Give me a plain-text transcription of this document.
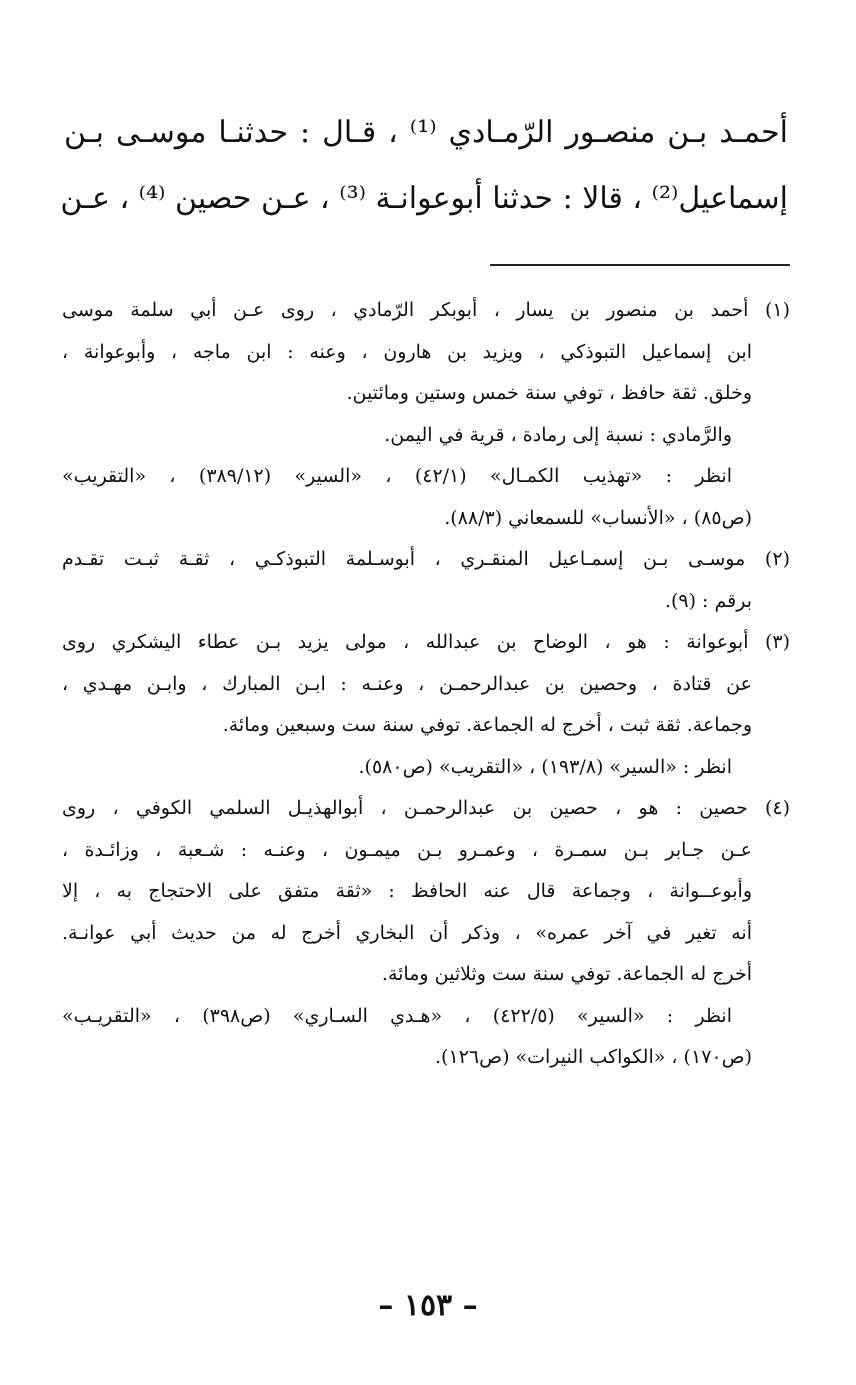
أحمـد بـن منصـور الرّمـادي ⁽¹⁾ ، قـال : حدثنـا موسـى بـن
إسماعيل⁽²⁾ ، قالا : حدثنا أبوعوانـة ⁽³⁾ ، عـن حصين ⁽⁴⁾ ، عـن
(١) أحمد بن منصور بن يسار ، أبوبكر الرّمادي ، روى عـن أبي سلمة موسى
ابن إسماعيل التبوذكي ، ويزيد بن هارون ، وعنه : ابن ماجه ، وأبوعوانة ،
وخلق. ثقة حافظ ، توفي سنة خمس وستين ومائتين.
والرَّمادي : نسبة إلى رمادة ، قرية في اليمن.
انظر : «تهذيب الكمـال» (٤٢/١) ، «السير» (٣٨٩/١٢) ، «التقريب»
(ص٨٥) ، «الأنساب» للسمعاني (٨٨/٣).
(٢) موسـى بـن إسمـاعيل المنقـري ، أبوسـلمة التبوذكـي ، ثقـة ثبـت تقـدم
برقم : (٩).
(٣) أبوعوانة : هو ، الوضاح بن عبدالله ، مولى يزيد بـن عطاء اليشكري روى
عن قتادة ، وحصين بن عبدالرحمـن ، وعنـه : ابـن المبارك ، وابـن مهـدي ،
وجماعة. ثقة ثبت ، أخرج له الجماعة. توفي سنة ست وسبعين ومائة.
انظر : «السير» (١٩٣/٨) ، «التقريب» (ص٥٨٠).
(٤) حصين : هو ، حصين بن عبدالرحمـن ، أبوالهذيـل السلمي الكوفي ، روى
عـن جـابر بـن سمـرة ، وعمـرو بـن ميمـون ، وعنـه : شـعبة ، وزائـدة ،
وأبوعــوانة ، وجماعة قال عنه الحافظ : «ثقة متفق على الاحتجاج به ، إلا
أنه تغير في آخر عمره» ، وذكر أن البخاري أخرج له من حديث أبي عوانـة.
أخرج له الجماعة. توفي سنة ست وثلاثين ومائة.
انظر : «السير» (٤٢٢/٥) ، «هـدي السـاري» (ص٣٩٨) ، «التقريـب»
(ص١٧٠) ، «الكواكب النيرات» (ص١٢٦).
– ١٥٣ –
